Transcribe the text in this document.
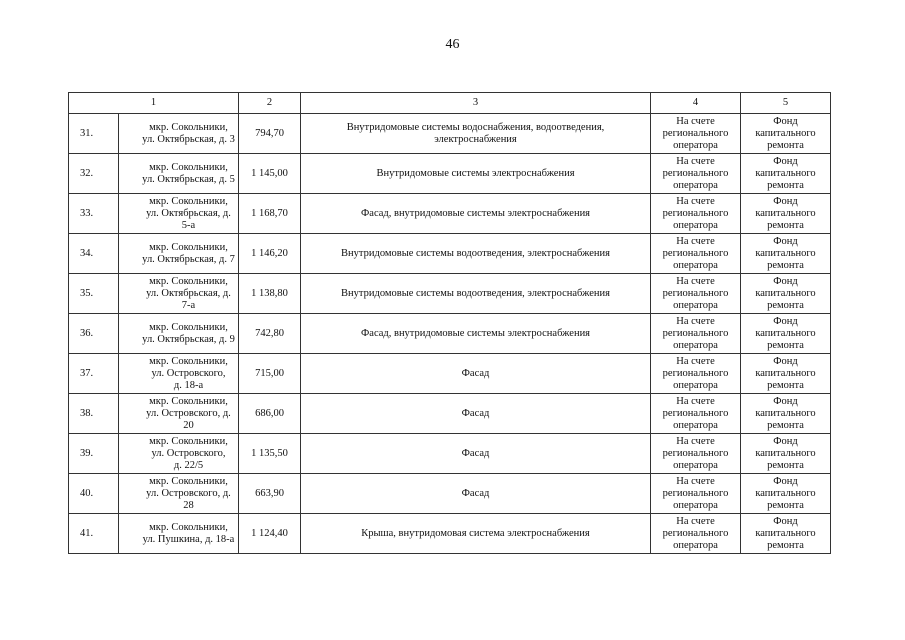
46
1		2	3	4	5
31.	мкр. Сокольники,
ул. Октябрьская, д. 3	794,70	Внутридомовые системы водоснабжения, водоотведения,
электроснабжения	На счете
регионального
оператора	Фонд
капитального
ремонта

32.	мкр. Сокольники,
ул. Октябрьская, д. 5	1 145,00	Внутридомовые системы электроснабжения	На счете
регионального
оператора	Фонд
капитального
ремонта

33.	мкр. Сокольники,
ул. Октябрьская, д. 5-а	1 168,70	Фасад, внутридомовые системы электроснабжения	На счете
регионального
оператора	Фонд
капитального
ремонта

34.	мкр. Сокольники,
ул. Октябрьская, д. 7	1 146,20	Внутридомовые системы водоотведения, электроснабжения	На счете
регионального
оператора	Фонд
капитального
ремонта

35.	мкр. Сокольники,
ул. Октябрьская, д. 7-а	1 138,80	Внутридомовые системы водоотведения, электроснабжения	На счете
регионального
оператора	Фонд
капитального
ремонта

36.	мкр. Сокольники,
ул. Октябрьская, д. 9	742,80	Фасад, внутридомовые системы электроснабжения	На счете
регионального
оператора	Фонд
капитального
ремонта

37.	мкр. Сокольники,
ул. Островского,
д. 18-а	715,00	Фасад	На счете
регионального
оператора	Фонд
капитального
ремонта

38.	мкр. Сокольники,
ул. Островского, д. 20	686,00	Фасад	На счете
регионального
оператора	Фонд
капитального
ремонта

39.	мкр. Сокольники,
ул. Островского,
д. 22/5	1 135,50	Фасад	На счете
регионального
оператора	Фонд
капитального
ремонта

40.	мкр. Сокольники,
ул. Островского, д. 28	663,90	Фасад	На счете
регионального
оператора	Фонд
капитального
ремонта

41.	мкр. Сокольники,
ул. Пушкина, д. 18-а	1 124,40	Крыша, внутридомовая система электроснабжения	На счете
регионального
оператора	Фонд
капитального
ремонта
